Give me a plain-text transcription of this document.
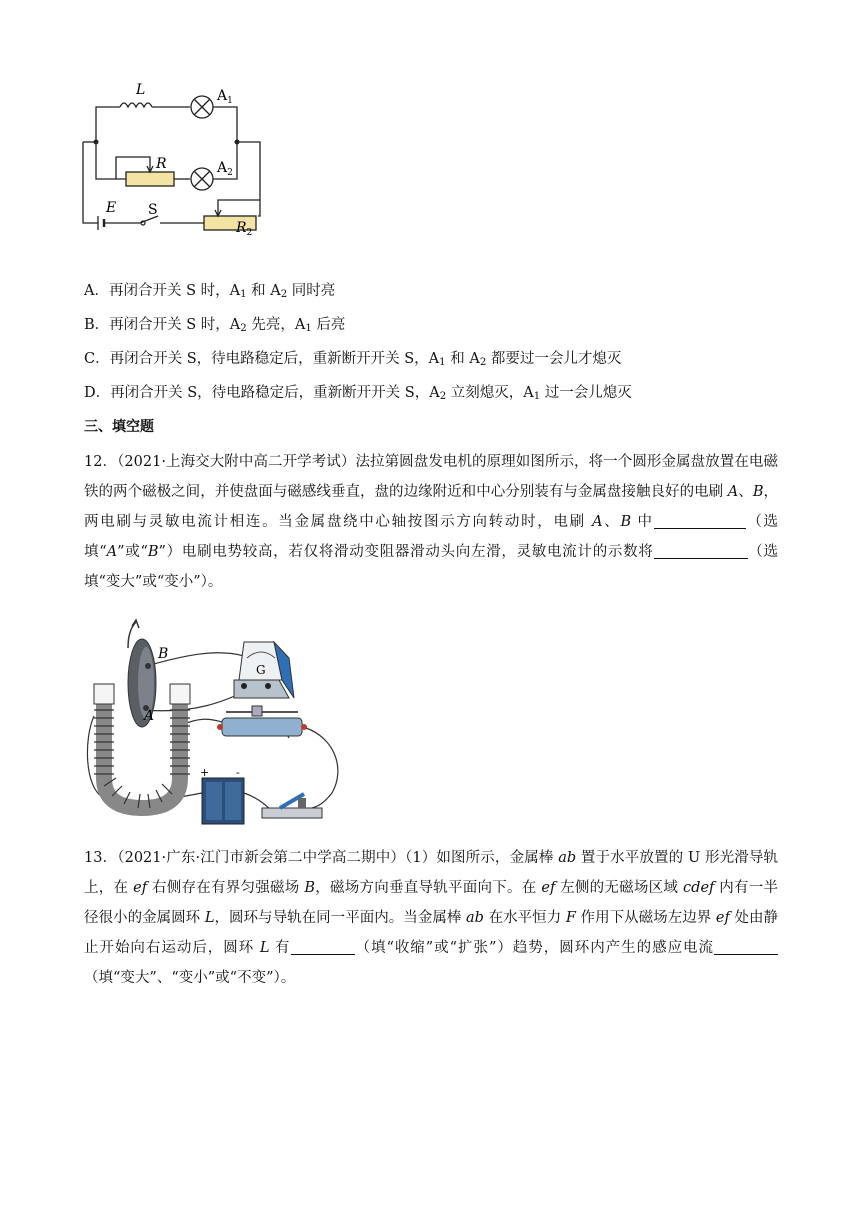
L
R
E S
$A_1$
$A_2$
$R_2$
A．再闭合开关 S 时，$A_1$ 和 $A_2$ 同时亮
B．再闭合开关 S 时，$A_2$ 先亮，$A_1$ 后亮
C．再闭合开关 S，待电路稳定后，重新断开开关 S，$A_1$ 和 $A_2$ 都要过一会儿才熄灭
D．再闭合开关 S，待电路稳定后，重新断开开关 S，$A_2$ 立刻熄灭，$A_1$ 过一会儿熄灭
三、填空题
12．（2021·上海交大附中高二开学考试）法拉第圆盘发电机的原理如图所示，将一个圆形金属盘放置在电磁铁的两个磁极之间，并使盘面与磁感线垂直，盘的边缘附近和中心分别装有与金属盘接触良好的电刷 A、B，两电刷与灵敏电流计相连。当金属盘绕中心轴按图示方向转动时，电刷 A、B 中	（选填“A”或“B”）电刷电势较高，若仅将滑动变阻器滑动头向左滑，灵敏电流计的示数将	（选填“变大”或“变小”）。
B
A
G
+ -
13．（2021·广东·江门市新会第二中学高二期中）（1）如图所示，金属棒 ab 置于水平放置的 U 形光滑导轨上，在 ef 右侧存在有界匀强磁场 B，磁场方向垂直导轨平面向下。在 ef 左侧的无磁场区域 cdef 内有一半径很小的金属圆环 L，圆环与导轨在同一平面内。当金属棒 ab 在水平恒力 F 作用下从磁场左边界 ef 处由静止开始向右运动后，圆环 L 有	（填“收缩”或“扩张”）趋势，圆环内产生的感应电流（填“变大”、“变小”或“不变”）。
